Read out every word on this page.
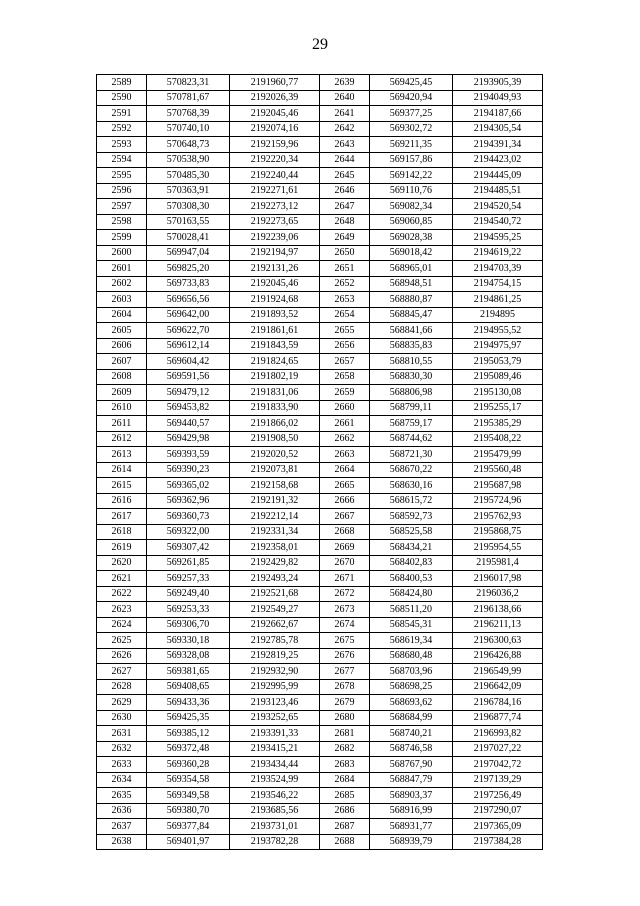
29
2589	570823,31	2191960,77	2639	569425,45	2193905,39
2590	570781,67	2192026,39	2640	569420,94	2194049,93
2591	570768,39	2192045,46	2641	569377,25	2194187,66
2592	570740,10	2192074,16	2642	569302,72	2194305,54
2593	570648,73	2192159,96	2643	569211,35	2194391,34
2594	570538,90	2192220,34	2644	569157,86	2194423,02
2595	570485,30	2192240,44	2645	569142,22	2194445,09
2596	570363,91	2192271,61	2646	569110,76	2194485,51
2597	570308,30	2192273,12	2647	569082,34	2194520,54
2598	570163,55	2192273,65	2648	569060,85	2194540,72
2599	570028,41	2192239,06	2649	569028,38	2194595,25
2600	569947,04	2192194,97	2650	569018,42	2194619,22
2601	569825,20	2192131,26	2651	568965,01	2194703,39
2602	569733,83	2192045,46	2652	568948,51	2194754,15
2603	569656,56	2191924,68	2653	568880,87	2194861,25
2604	569642,00	2191893,52	2654	568845,47	2194895
2605	569622,70	2191861,61	2655	568841,66	2194955,52
2606	569612,14	2191843,59	2656	568835,83	2194975,97
2607	569604,42	2191824,65	2657	568810,55	2195053,79
2608	569591,56	2191802,19	2658	568830,30	2195089,46
2609	569479,12	2191831,06	2659	568806,98	2195130,08
2610	569453,82	2191833,90	2660	568799,11	2195255,17
2611	569440,57	2191866,02	2661	568759,17	2195385,29
2612	569429,98	2191908,50	2662	568744,62	2195408,22
2613	569393,59	2192020,52	2663	568721,30	2195479,99
2614	569390,23	2192073,81	2664	568670,22	2195560,48
2615	569365,02	2192158,68	2665	568630,16	2195687,98
2616	569362,96	2192191,32	2666	568615,72	2195724,96
2617	569360,73	2192212,14	2667	568592,73	2195762,93
2618	569322,00	2192331,34	2668	568525,58	2195868,75
2619	569307,42	2192358,01	2669	568434,21	2195954,55
2620	569261,85	2192429,82	2670	568402,83	2195981,4
2621	569257,33	2192493,24	2671	568400,53	2196017,98
2622	569249,40	2192521,68	2672	568424,80	2196036,2
2623	569253,33	2192549,27	2673	568511,20	2196138,66
2624	569306,70	2192662,67	2674	568545,31	2196211,13
2625	569330,18	2192785,78	2675	568619,34	2196300,63
2626	569328,08	2192819,25	2676	568680,48	2196426,88
2627	569381,65	2192932,90	2677	568703,96	2196549,99
2628	569408,65	2192995,99	2678	568698,25	2196642,09
2629	569433,36	2193123,46	2679	568693,62	2196784,16
2630	569425,35	2193252,65	2680	568684,99	2196877,74
2631	569385,12	2193391,33	2681	568740,21	2196993,82
2632	569372,48	2193415,21	2682	568746,58	2197027,22
2633	569360,28	2193434,44	2683	568767,90	2197042,72
2634	569354,58	2193524,99	2684	568847,79	2197139,29
2635	569349,58	2193546,22	2685	568903,37	2197256,49
2636	569380,70	2193685,56	2686	568916,99	2197290,07
2637	569377,84	2193731,01	2687	568931,77	2197365,09
2638	569401,97	2193782,28	2688	568939,79	2197384,28
